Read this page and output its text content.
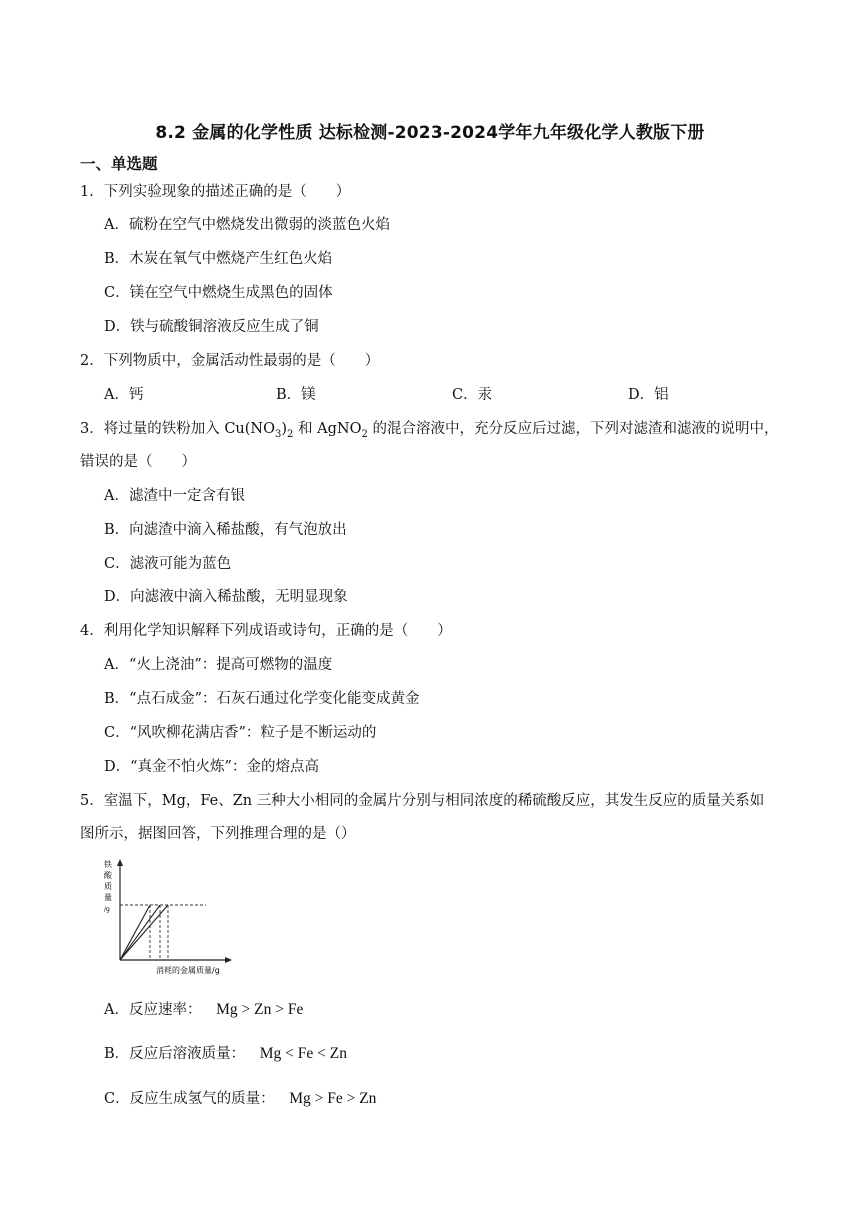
8.2 金属的化学性质 达标检测-2023-2024学年九年级化学人教版下册
一、单选题
1．下列实验现象的描述正确的是（　　）
A．硫粉在空气中燃烧发出微弱的淡蓝色火焰
B．木炭在氧气中燃烧产生红色火焰
C．镁在空气中燃烧生成黑色的固体
D．铁与硫酸铜溶液反应生成了铜
2．下列物质中，金属活动性最弱的是（　　）
A．钙	B．镁	C．汞	D．铝
3．将过量的铁粉加入 $Cu(NO_3)_2$ 和 AgNO$_2$ 的混合溶液中，充分反应后过滤，下列对滤渣和滤液的说明中，
错误的是（　　）
A．滤渣中一定含有银
B．向滤渣中滴入稀盐酸，有气泡放出
C．滤液可能为蓝色
D．向滤液中滴入稀盐酸，无明显现象
4．利用化学知识解释下列成语或诗句，正确的是（　　）
A．“火上浇油”：提高可燃物的温度
B．“点石成金”：石灰石通过化学变化能变成黄金
C．“风吹柳花满店香”：粒子是不断运动的
D．“真金不怕火炼”：金的熔点高
5．室温下，Mg，Fe、Zn 三种大小相同的金属片分别与相同浓度的稀硫酸反应，其发生反应的质量关系如
图所示，据图回答，下列推理合理的是（）
铁
酸
质
量
/g
消耗的金属质量/g
A．反应速率： Mg > Zn > Fe
B．反应后溶液质量： Mg < Fe < Zn
C．反应生成氢气的质量： Mg > Fe > Zn
